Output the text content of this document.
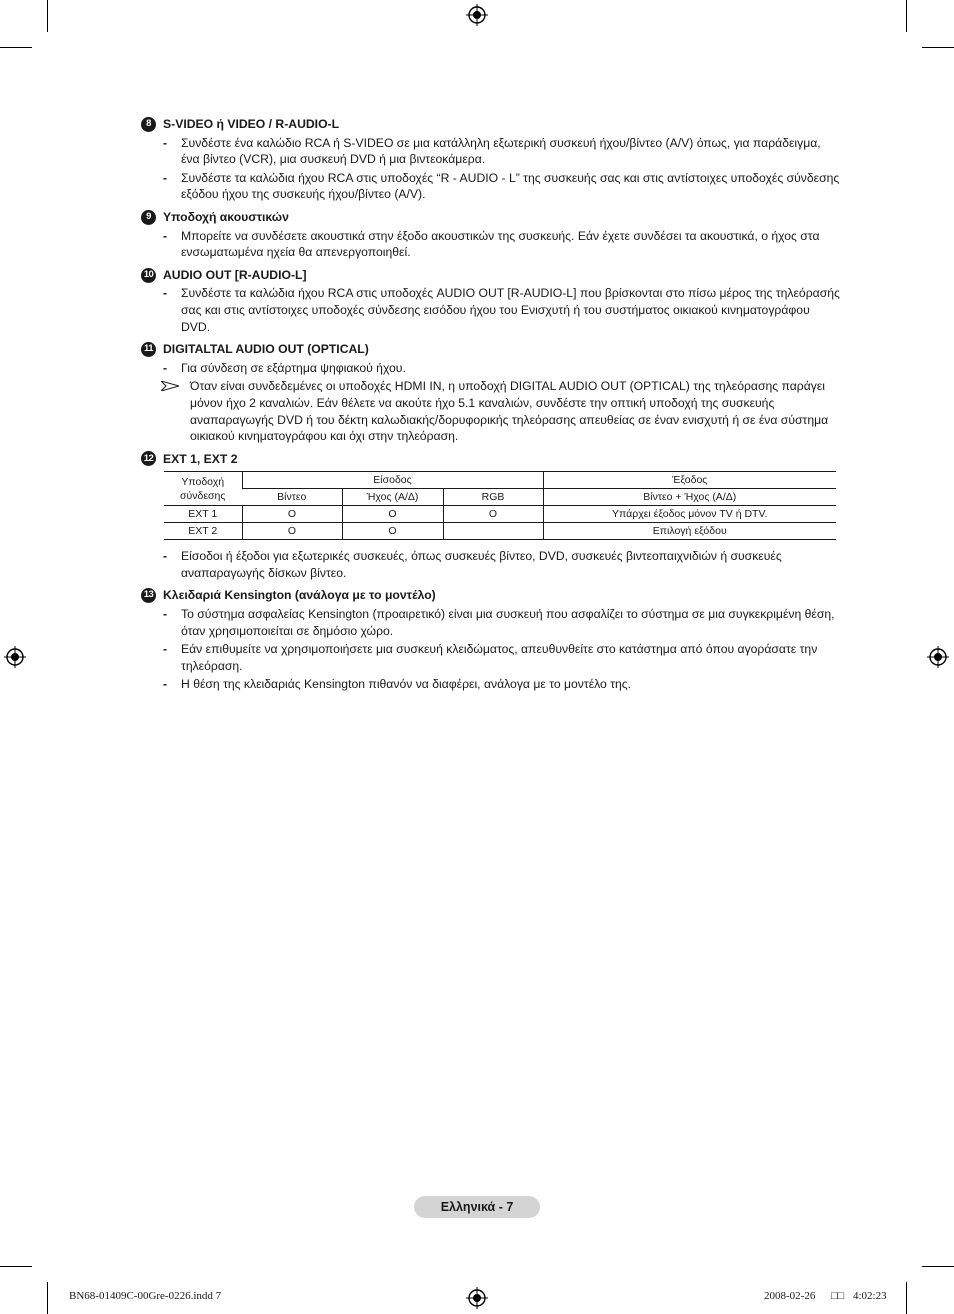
8 S-VIDEO ή VIDEO / R-AUDIO-L
- Συνδέστε ένα καλώδιο RCA ή S-VIDEO σε μια κατάλληλη εξωτερική συσκευή ήχου/βίντεο (A/V) όπως, για παράδειγμα, ένα βίντεο (VCR), μια συσκευή DVD ή μια βιντεοκάμερα.
- Συνδέστε τα καλώδια ήχου RCA στις υποδοχές “R - AUDIO - L” της συσκευής σας και στις αντίστοιχες υποδοχές σύνδεσης εξόδου ήχου της συσκευής ήχου/βίντεο (A/V).
9 Υποδοχή ακουστικών
- Μπορείτε να συνδέσετε ακουστικά στην έξοδο ακουστικών της συσκευής. Εάν έχετε συνδέσει τα ακουστικά, ο ήχος στα ενσωματωμένα ηχεία θα απενεργοποιηθεί.
10 AUDIO OUT [R-AUDIO-L]
- Συνδέστε τα καλώδια ήχου RCA στις υποδοχές AUDIO OUT [R-AUDIO-L] που βρίσκονται στο πίσω μέρος της τηλεόρασής σας και στις αντίστοιχες υποδοχές σύνδεσης εισόδου ήχου του Ενισχυτή ή του συστήματος οικιακού κινηματογράφου DVD.
11 DIGITALTAL AUDIO OUT (OPTICAL)
- Για σύνδεση σε εξάρτημα ψηφιακού ήχου.
Όταν είναι συνδεδεμένες οι υποδοχές HDMI IN, η υποδοχή DIGITAL AUDIO OUT (OPTICAL) της τηλεόρασης παράγει μόνον ήχο 2 καναλιών. Εάν θέλετε να ακούτε ήχο 5.1 καναλιών, συνδέστε την οπτική υποδοχή της συσκευής αναπαραγωγής DVD ή του δέκτη καλωδιακής/δορυφορικής τηλεόρασης απευθείας σε έναν ενισχυτή ή σε ένα σύστημα οικιακού κινηματογράφου και όχι στην τηλεόραση.
12 EXT 1, EXT 2
Υποδοχή σύνδεσης	Είσοδος			Έξοδος
	Βίντεο	Ήχος (Α/Δ)	RGB	Βίντεο + Ήχος (Α/Δ)
EXT 1	O	O	O	Υπάρχει έξοδος μόνον TV ή DTV.
EXT 2	O	O		Επιλογή εξόδου
- Είσοδοι ή έξοδοι για εξωτερικές συσκευές, όπως συσκευές βίντεο, DVD, συσκευές βιντεοπαιχνιδιών ή συσκευές αναπαραγωγής δίσκων βίντεο.
13 Κλειδαριά Kensington (ανάλογα με το μοντέλο)
- Το σύστημα ασφαλείας Kensington (προαιρετικό) είναι μια συσκευή που ασφαλίζει το σύστημα σε μια συγκεκριμένη θέση, όταν χρησιμοποιείται σε δημόσιο χώρο.
- Εάν επιθυμείτε να χρησιμοποιήσετε μια συσκευή κλειδώματος, απευθυνθείτε στο κατάστημα από όπου αγοράσατε την τηλεόραση.
- Η θέση της κλειδαριάς Kensington πιθανόν να διαφέρει, ανάλογα με το μοντέλο της.
Ελληνικά - 7
BN68-01409C-00Gre-0226.indd 7	2008-02-26 □□ 4:02:23
